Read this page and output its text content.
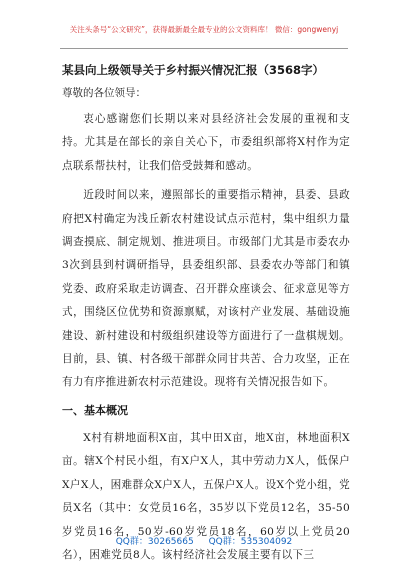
关注头条号“公文研究”，获得最新最全最专业的公文资料库！ 微信：gongwenyj
某县向上级领导关于乡村振兴情况汇报（3568字）
尊敬的各位领导：

衷心感谢您们长期以来对县经济社会发展的重视和支持。尤其是在部长的亲自关心下，市委组织部将X村作为定点联系帮扶村，让我们倍受鼓舞和感动。

近段时间以来，遵照部长的重要指示精神，县委、县政府把X村确定为浅丘新农村建设试点示范村，集中组织力量调查摸底、制定规划、推进项目。市级部门尤其是市委农办3次到县到村调研指导，县委组织部、县委农办等部门和镇党委、政府采取走访调查、召开群众座谈会、征求意见等方式，围绕区位优势和资源禀赋，对该村产业发展、基础设施建设、新村建设和村级组织建设等方面进行了一盘棋规划。目前，县、镇、村各级干部群众同甘共苦、合力攻坚，正在有力有序推进新农村示范建设。现将有关情况报告如下。

一、基本概况

X村有耕地面积X亩，其中田X亩，地X亩，林地面积X亩。辖X个村民小组，有X户X人，其中劳动力X人，低保户X户X人，困难群众X户X人，五保户X人。设X个党小组，党员X名（其中：女党员16名，35岁以下党员12名，35-50岁党员16名，50岁-60岁党员18名，60岁以上党员20名），困难党员8人。该村经济社会发展主要有以下三

QQ群：30265665 QQ群：535304092
